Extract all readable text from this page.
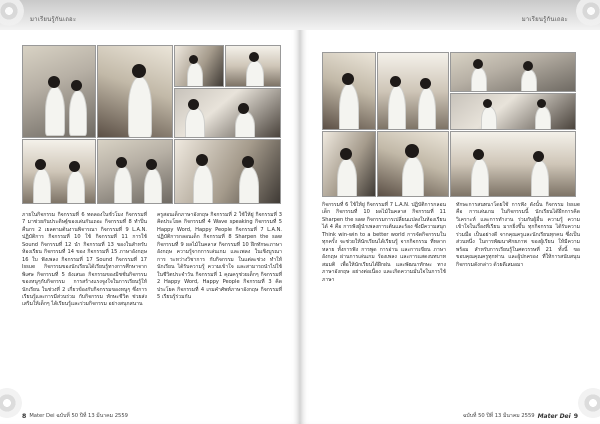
มาเรียนรู้กันเถอะ
ภายในกิจกรรม กิจกรรมที่ 6 ทดลองในชั่วโมง กิจกรรมที่ 7 มาช่วยกันประดิษฐ์ของเล่นกันเถอะ กิจกรรมที่ 8 ทำปิ่นคืนกร 2 เยลตามต้นงานพิจารณา กิจกรรมที่ 9 L.A.N. ปฏิบัติการ กิจกรรมที่ 10 ใช้ กิจกรรมที่ 11 การใช้ Sound กิจกรรมที่ 12 นำ กิจกรรมที่ 13 ของในสำหรับห้องเรียน กิจกรรมที่ 14 ของ กิจกรรมที่ 15 ภาษาอังกฤษ 16 ใบ ฟังเพลง กิจกรรมที่ 17 Sound กิจกรรมที่ 17 Issue กิจกรรมของนักเรียนได้เรียนรู้ทางการศึกษาจากพิเศษ กิจกรรมที่ 5 ยังเสนอ กิจกรรมของมิชชั่นกิจกรรมของหนูๆกับกิจกรรม การสร้างแรงจูงใจในการเรียนรู้ให้นักเรียน ในช่วงที่ 2 เกี่ยวข้องกับกิจกรรมของหนูๆ ซึ่งการ เรียนรู้และการมีส่วนร่วม กับกิจกรรม ทักษะชีวิต ช่วยส่งเสริมให้เด็กๆ ได้เรียนรู้และร่วมกิจกรรม อย่างสนุกสนาน
ครูสอนเด็กภาษาอังกฤษ กิจกรรมที่ 2 ใช้ให้ยู่ กิจกรรมที่ 3 คิดประโยค กิจกรรมที่ 4 Wave speaking กิจกรรมที่ 5 Happy Word, Happy People กิจกรรมที่ 7 L.A.N. ปฏิบัติการกลอนเด็ก กิจกรรมที่ 8 Sharpen the saw กิจกรรมที่ 9 ผลไม้ในคลาส กิจกรรมที่ 10 ฝึกทักษะภาษาอังกฤษ ความรู้จากการเล่นเกม และเพลง ในเชิงบูรณาการ ระหว่างวิชาการ กับกิจกรรม ในแต่ละช่วง ทำให้นักเรียน ได้รับความรู้ ความเข้าใจ และสามารถนำไปใช้ ในชีวิตประจำวัน กิจกรรมที่ 1 คุณครูช่วยเด็กๆ กิจกรรมที่ 2 Happy Word, Happy People กิจกรรมที่ 3 คิดประโยค กิจกรรมที่ 4 เกมคำศัพท์ภาษาอังกฤษ กิจกรรมที่ 5 เรียนรู้ร่วมกัน
8 Mater Dei ฉบับที่ 50 ปีที่ 13 มีนาคม 2559
มาเรียนรู้กันเถอะ
กิจกรรมที่ 6 ใช้ให้ยู่ กิจกรรมที่ 7 L.A.N. ปฏิบัติการกลอนเด็ก กิจกรรมที่ 10 ผลไม้ในคลาส กิจกรรมที่ 11 Sharpen the saw กิจกรรมการเปลี่ยนแปลงในห้องเรียน ได้ 4 คือ การฟังผู้นำเพลงการเต้นและร้อง ซึ่งมีความสนุก Think win-win to a better world การจัดกิจกรรมในทุกครั้ง จะช่วยให้นักเรียนได้เรียนรู้ จากกิจกรรม ที่หลากหลาย ทั้งการฟัง การพูด การอ่าน และการเขียน ภาษาอังกฤษ ผ่านการเล่นเกม ร้องเพลง และการแสดงบทบาทสมมติ เพื่อให้นักเรียนได้ฝึกฝน และพัฒนาทักษะ ทางภาษาอังกฤษ อย่างต่อเนื่อง และเกิดความมั่นใจในการใช้ภาษา
ทักษะการสนทนาโดยใช้ การฟัง ดังนั้น กิจกรรม Issue คือ การเล่นเกม ในกิจกรรมนี้ นักเรียนได้ฝึกการคิดวิเคราะห์ และการทำงาน ร่วมกับผู้อื่น ความรู้ ความเข้าใจในเรื่องที่เรียน มากยิ่งขึ้น ทุกกิจกรรม ได้รับความร่วมมือ เป็นอย่างดี จากคุณครูและนักเรียนทุกคน ซึ่งเป็นส่วนหนึ่ง ในการพัฒนาศักยภาพ ของผู้เรียน ให้มีความพร้อม สำหรับการเรียนรู้ในศตวรรษที่ 21 ทั้งนี้ ขอขอบคุณคุณครูทุกท่าน และผู้ปกครอง ที่ให้การสนับสนุน กิจกรรมดังกล่าว ด้วยดีเสมอมา
ฉบับที่ 50 ปีที่ 13 มีนาคม 2559 Mater Dei 9
